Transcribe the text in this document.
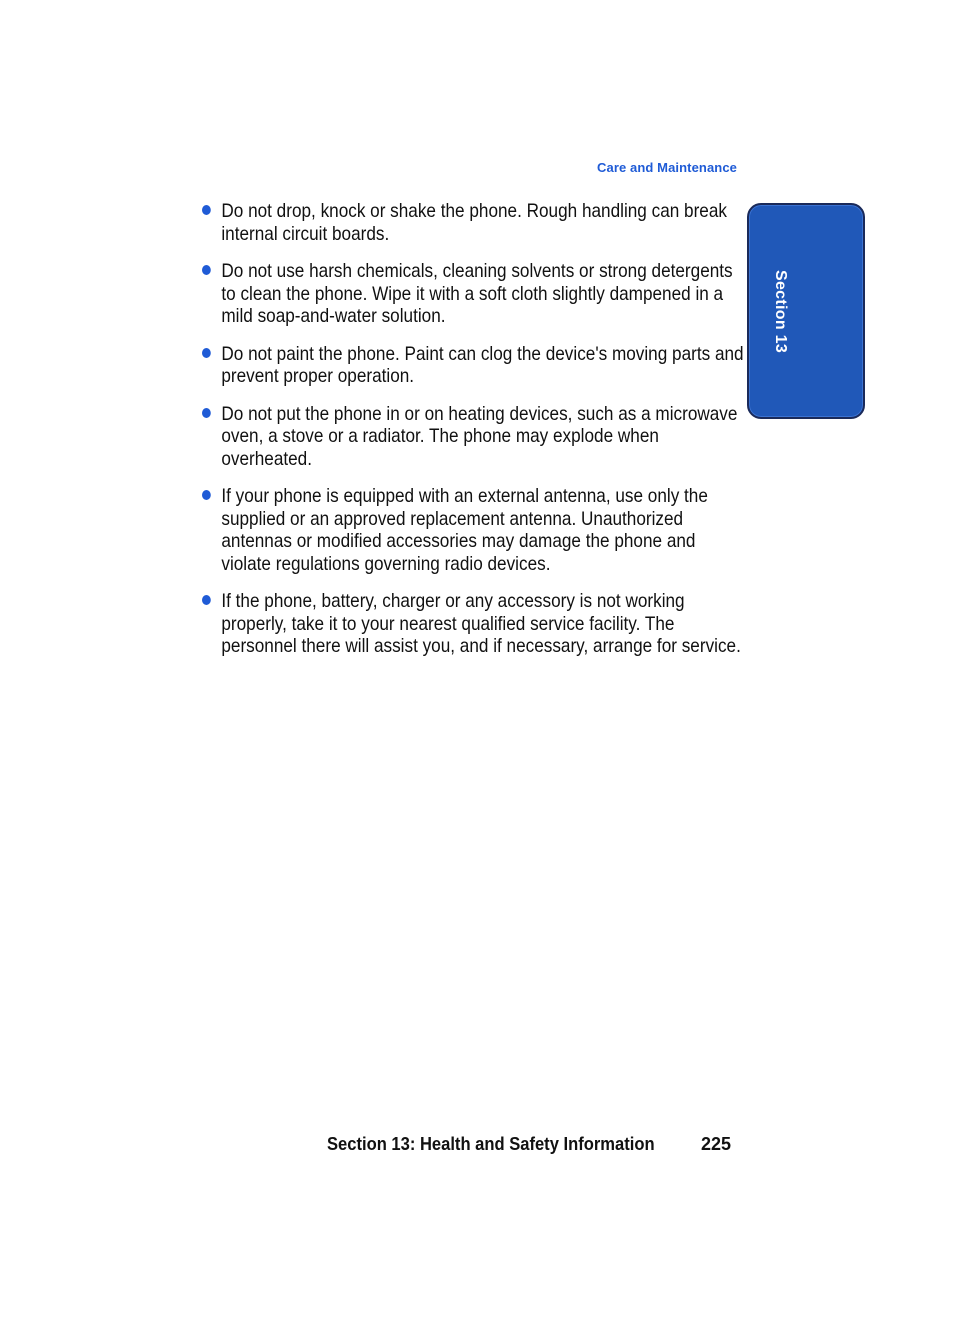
Care and Maintenance
Section 13
Do not drop, knock or shake the phone. Rough handling can break internal circuit boards.
Do not use harsh chemicals, cleaning solvents or strong detergents to clean the phone. Wipe it with a soft cloth slightly dampened in a mild soap-and-water solution.
Do not paint the phone. Paint can clog the device's moving parts and prevent proper operation.
Do not put the phone in or on heating devices, such as a microwave oven, a stove or a radiator. The phone may explode when overheated.
If your phone is equipped with an external antenna, use only the supplied or an approved replacement antenna. Unauthorized antennas or modified accessories may damage the phone and violate regulations governing radio devices.
If the phone, battery, charger or any accessory is not working properly, take it to your nearest qualified service facility. The personnel there will assist you, and if necessary, arrange for service.
Section 13: Health and Safety Information	225
